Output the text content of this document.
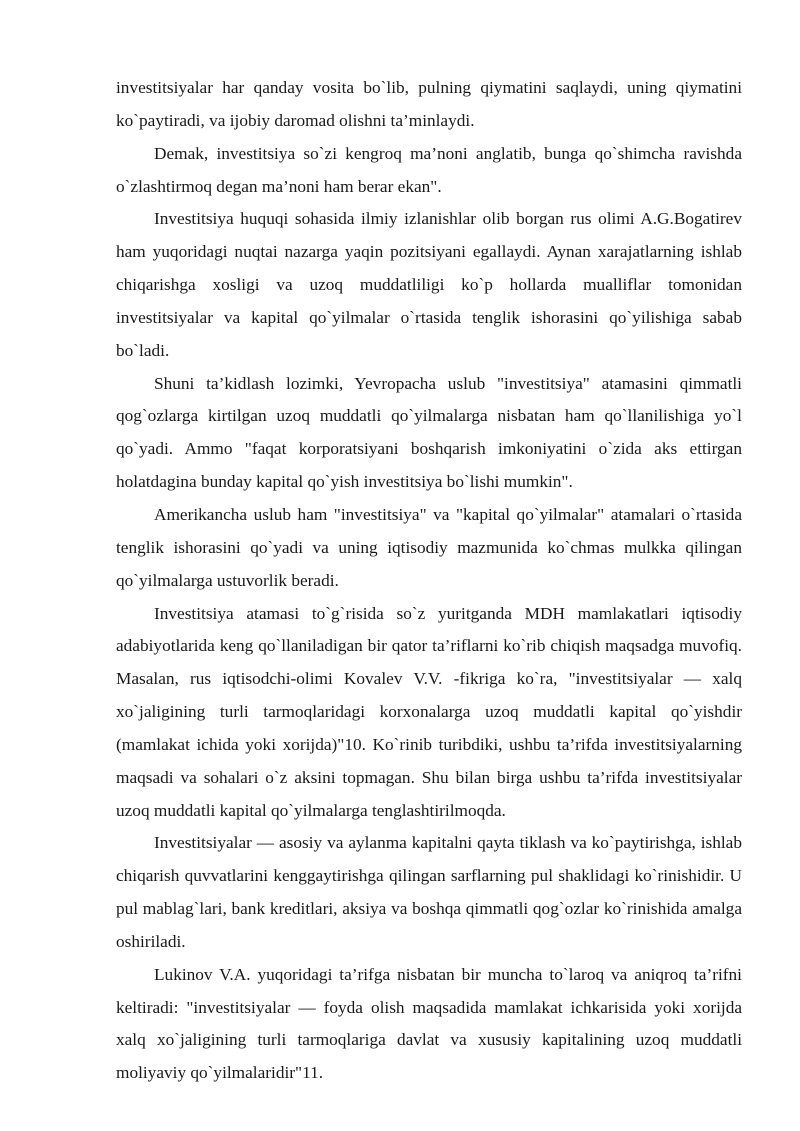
investitsiyalar har qanday vosita bo`lib, pulning qiymatini saqlaydi, uning qiymatini ko`paytiradi, va ijobiy daromad olishni ta’minlaydi.

Demak, investitsiya so`zi kengroq ma’noni anglatib, bunga qo`shimcha ravishda o`zlashtirmoq degan ma’noni ham berar ekan".

Investitsiya huquqi sohasida ilmiy izlanishlar olib borgan rus olimi A.G.Bogatirev ham yuqoridagi nuqtai nazarga yaqin pozitsiyani egallaydi. Aynan xarajatlarning ishlab chiqarishga xosligi va uzoq muddatliligi ko`p hollarda mualliflar tomonidan investitsiyalar va kapital qo`yilmalar o`rtasida tenglik ishorasini qo`yilishiga sabab bo`ladi.

Shuni ta’kidlash lozimki, Yevropacha uslub "investitsiya" atamasini qimmatli qog`ozlarga kirtilgan uzoq muddatli qo`yilmalarga nisbatan ham qo`llanilishiga yo`l qo`yadi. Ammo "faqat korporatsiyani boshqarish imkoniyatini o`zida aks ettirgan holatdagina bunday kapital qo`yish investitsiya bo`lishi mumkin".

Amerikancha uslub ham "investitsiya" va "kapital qo`yilmalar" atamalari o`rtasida tenglik ishorasini qo`yadi va uning iqtisodiy mazmunida ko`chmas mulkka qilingan qo`yilmalarga ustuvorlik beradi.

Investitsiya atamasi to`g`risida so`z yuritganda MDH mamlakatlari iqtisodiy adabiyotlarida keng qo`llaniladigan bir qator ta’riflarni ko`rib chiqish maqsadga muvofiq. Masalan, rus iqtisodchi-olimi Kovalev V.V. -fikriga ko`ra, "investitsiyalar — xalq xo`jaligining turli tarmoqlaridagi korxonalarga uzoq muddatli kapital qo`yishdir (mamlakat ichida yoki xorijda)"10. Ko`rinib turibdiki, ushbu ta’rifda investitsiyalarning maqsadi va sohalari o`z aksini topmagan. Shu bilan birga ushbu ta’rifda investitsiyalar uzoq muddatli kapital qo`yilmalarga tenglashtirilmoqda.

Investitsiyalar — asosiy va aylanma kapitalni qayta tiklash va ko`paytirishga, ishlab chiqarish quvvatlarini kenggaytirishga qilingan sarflarning pul shaklidagi ko`rinishidir. U pul mablag`lari, bank kreditlari, aksiya va boshqa qimmatli qog`ozlar ko`rinishida amalga oshiriladi.

Lukinov V.A. yuqoridagi ta’rifga nisbatan bir muncha to`laroq va aniqroq ta’rifni keltiradi: "investitsiyalar — foyda olish maqsadida mamlakat ichkarisida yoki xorijda xalq xo`jaligining turli tarmoqlariga davlat va xususiy kapitalining uzoq muddatli moliyaviy qo`yilmalaridir"11.
